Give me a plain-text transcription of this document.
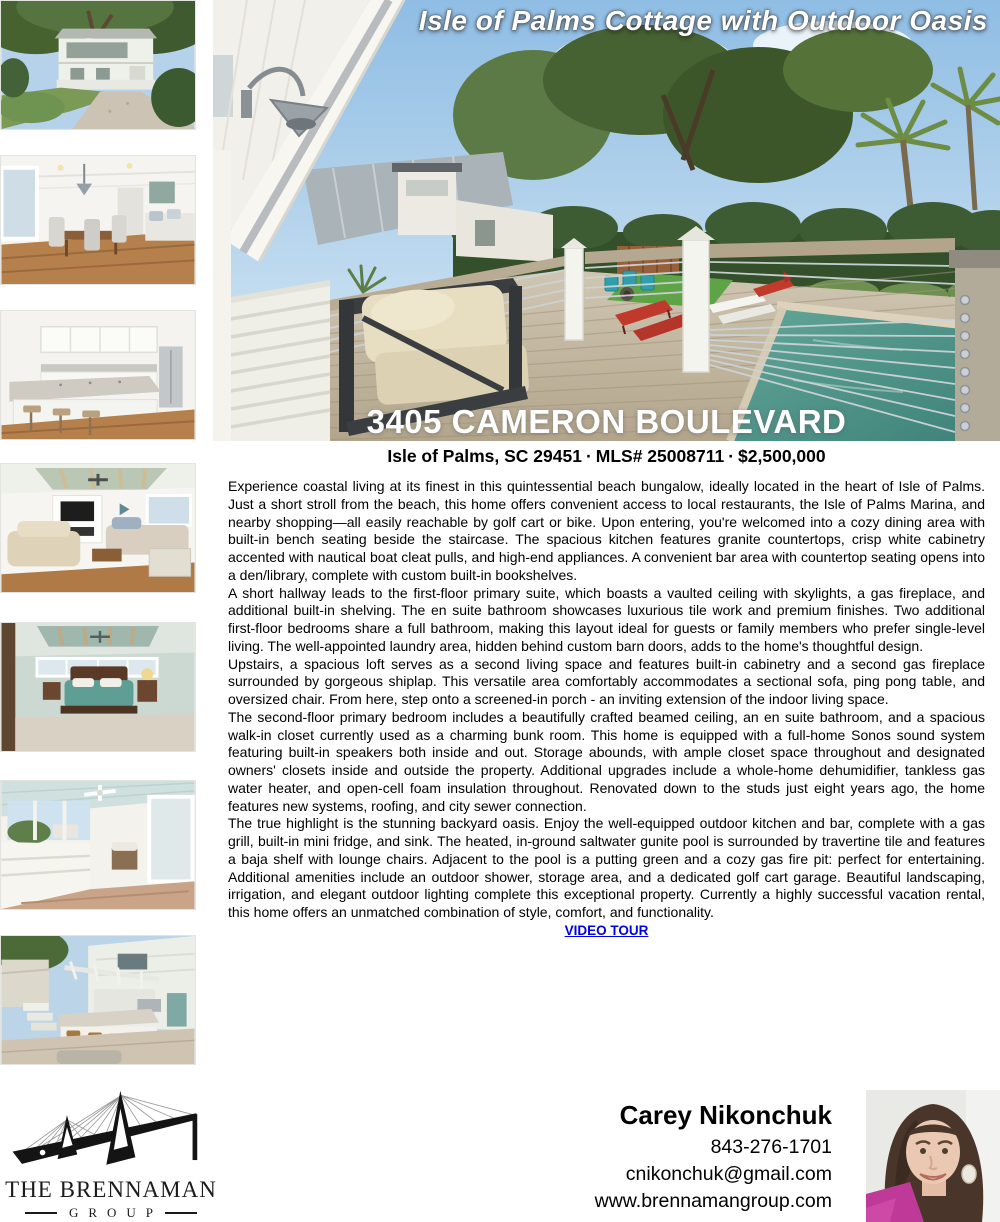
Isle of Palms Cottage with Outdoor Oasis
3405 CAMERON BOULEVARD
Isle of Palms, SC 29451 · MLS# 25008711 · $2,500,000

Experience coastal living at its finest in this quintessential beach bungalow, ideally located in the heart of Isle of Palms. Just a short stroll from the beach, this home offers convenient access to local restaurants, the Isle of Palms Marina, and nearby shopping—all easily reachable by golf cart or bike. Upon entering, you're welcomed into a cozy dining area with built-in bench seating beside the staircase. The spacious kitchen features granite countertops, crisp white cabinetry accented with nautical boat cleat pulls, and high-end appliances. A convenient bar area with countertop seating opens into a den/library, complete with custom built-in bookshelves.

A short hallway leads to the first-floor primary suite, which boasts a vaulted ceiling with skylights, a gas fireplace, and additional built-in shelving. The en suite bathroom showcases luxurious tile work and premium finishes. Two additional first-floor bedrooms share a full bathroom, making this layout ideal for guests or family members who prefer single-level living. The well-appointed laundry area, hidden behind custom barn doors, adds to the home's thoughtful design.

Upstairs, a spacious loft serves as a second living space and features built-in cabinetry and a second gas fireplace surrounded by gorgeous shiplap. This versatile area comfortably accommodates a sectional sofa, ping pong table, and oversized chair. From here, step onto a screened-in porch - an inviting extension of the indoor living space.

The second-floor primary bedroom includes a beautifully crafted beamed ceiling, an en suite bathroom, and a spacious walk-in closet currently used as a charming bunk room. This home is equipped with a full-home Sonos sound system featuring built-in speakers both inside and out. Storage abounds, with ample closet space throughout and designated owners' closets inside and outside the property. Additional upgrades include a whole-home dehumidifier, tankless gas water heater, and open-cell foam insulation throughout. Renovated down to the studs just eight years ago, the home features new systems, roofing, and city sewer connection.

The true highlight is the stunning backyard oasis. Enjoy the well-equipped outdoor kitchen and bar, complete with a gas grill, built-in mini fridge, and sink. The heated, in-ground saltwater gunite pool is surrounded by travertine tile and features a baja shelf with lounge chairs. Adjacent to the pool is a putting green and a cozy gas fire pit: perfect for entertaining. Additional amenities include an outdoor shower, storage area, and a dedicated golf cart garage. Beautiful landscaping, irrigation, and elegant outdoor lighting complete this exceptional property. Currently a highly successful vacation rental, this home offers an unmatched combination of style, comfort, and functionality.

VIDEO TOUR
THE BRENNAMAN
GROUP
Carey Nikonchuk
843-276-1701
cnikonchuk@gmail.com
www.brennamangroup.com
